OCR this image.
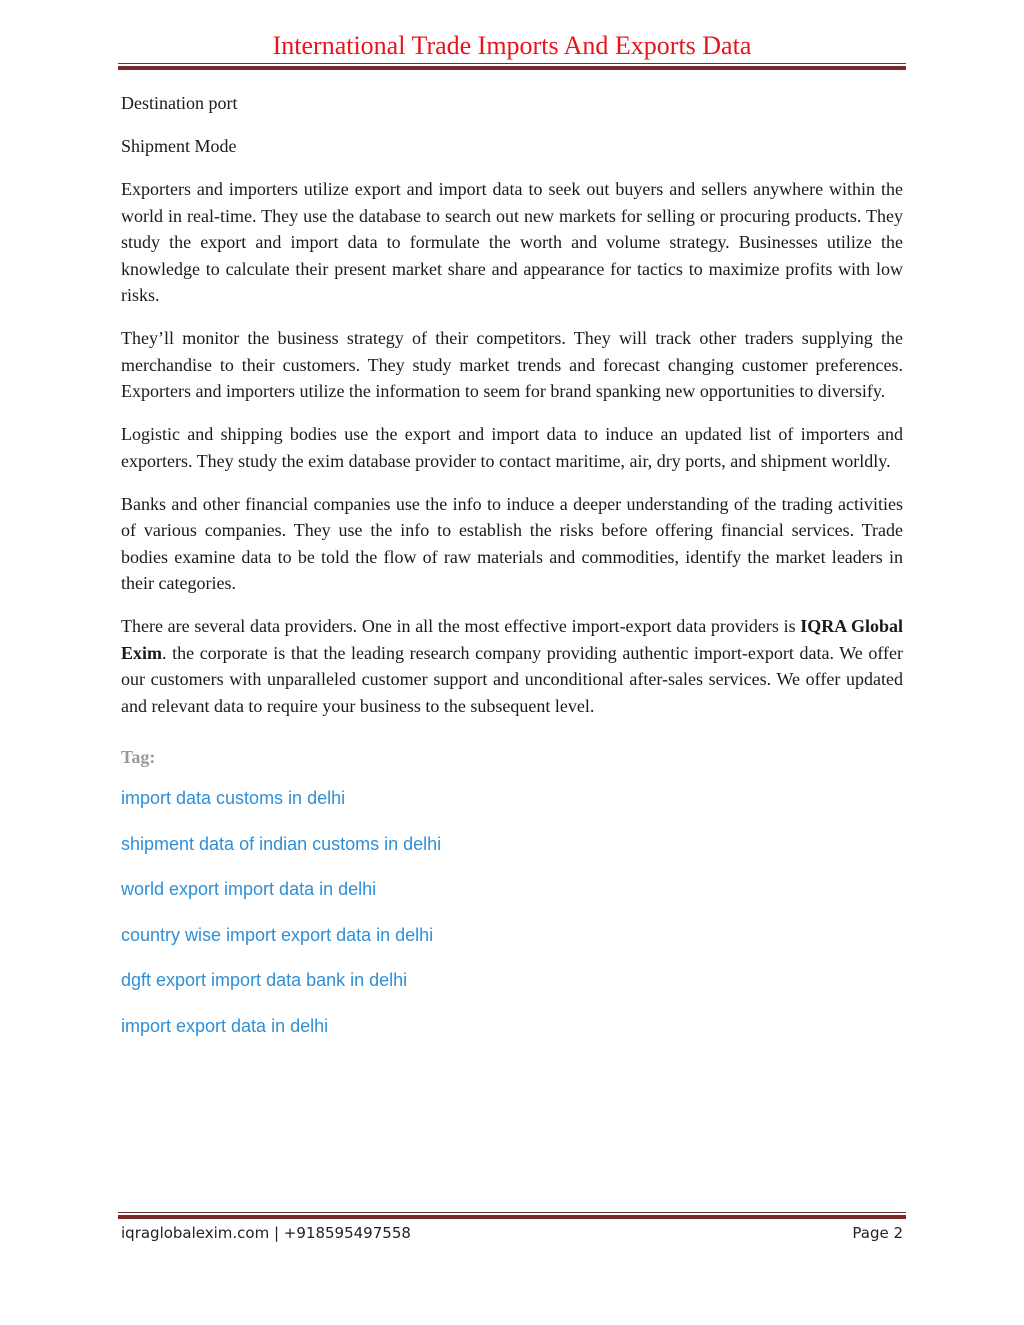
International Trade Imports And Exports Data

Destination port

Shipment Mode

Exporters and importers utilize export and import data to seek out buyers and sellers anywhere within the world in real-time. They use the database to search out new markets for selling or procuring products. They study the export and import data to formulate the worth and volume strategy. Businesses utilize the knowledge to calculate their present market share and appearance for tactics to maximize profits with low risks.

They’ll monitor the business strategy of their competitors. They will track other traders supplying the merchandise to their customers. They study market trends and forecast changing customer preferences. Exporters and importers utilize the information to seem for brand spanking new opportunities to diversify.

Logistic and shipping bodies use the export and import data to induce an updated list of importers and exporters. They study the exim database provider to contact maritime, air, dry ports, and shipment worldly.

Banks and other financial companies use the info to induce a deeper understanding of the trading activities of various companies. They use the info to establish the risks before offering financial services. Trade bodies examine data to be told the flow of raw materials and commodities, identify the market leaders in their categories.

There are several data providers. One in all the most effective import-export data providers is IQRA Global Exim. the corporate is that the leading research company providing authentic import-export data. We offer our customers with unparalleled customer support and unconditional after-sales services. We offer updated and relevant data to require your business to the subsequent level.

Tag:
import data customs in delhi
shipment data of indian customs in delhi
world export import data in delhi
country wise import export data in delhi
dgft export import data bank in delhi
import export data in delhi
iqraglobalexim.com | +918595497558	Page 2
